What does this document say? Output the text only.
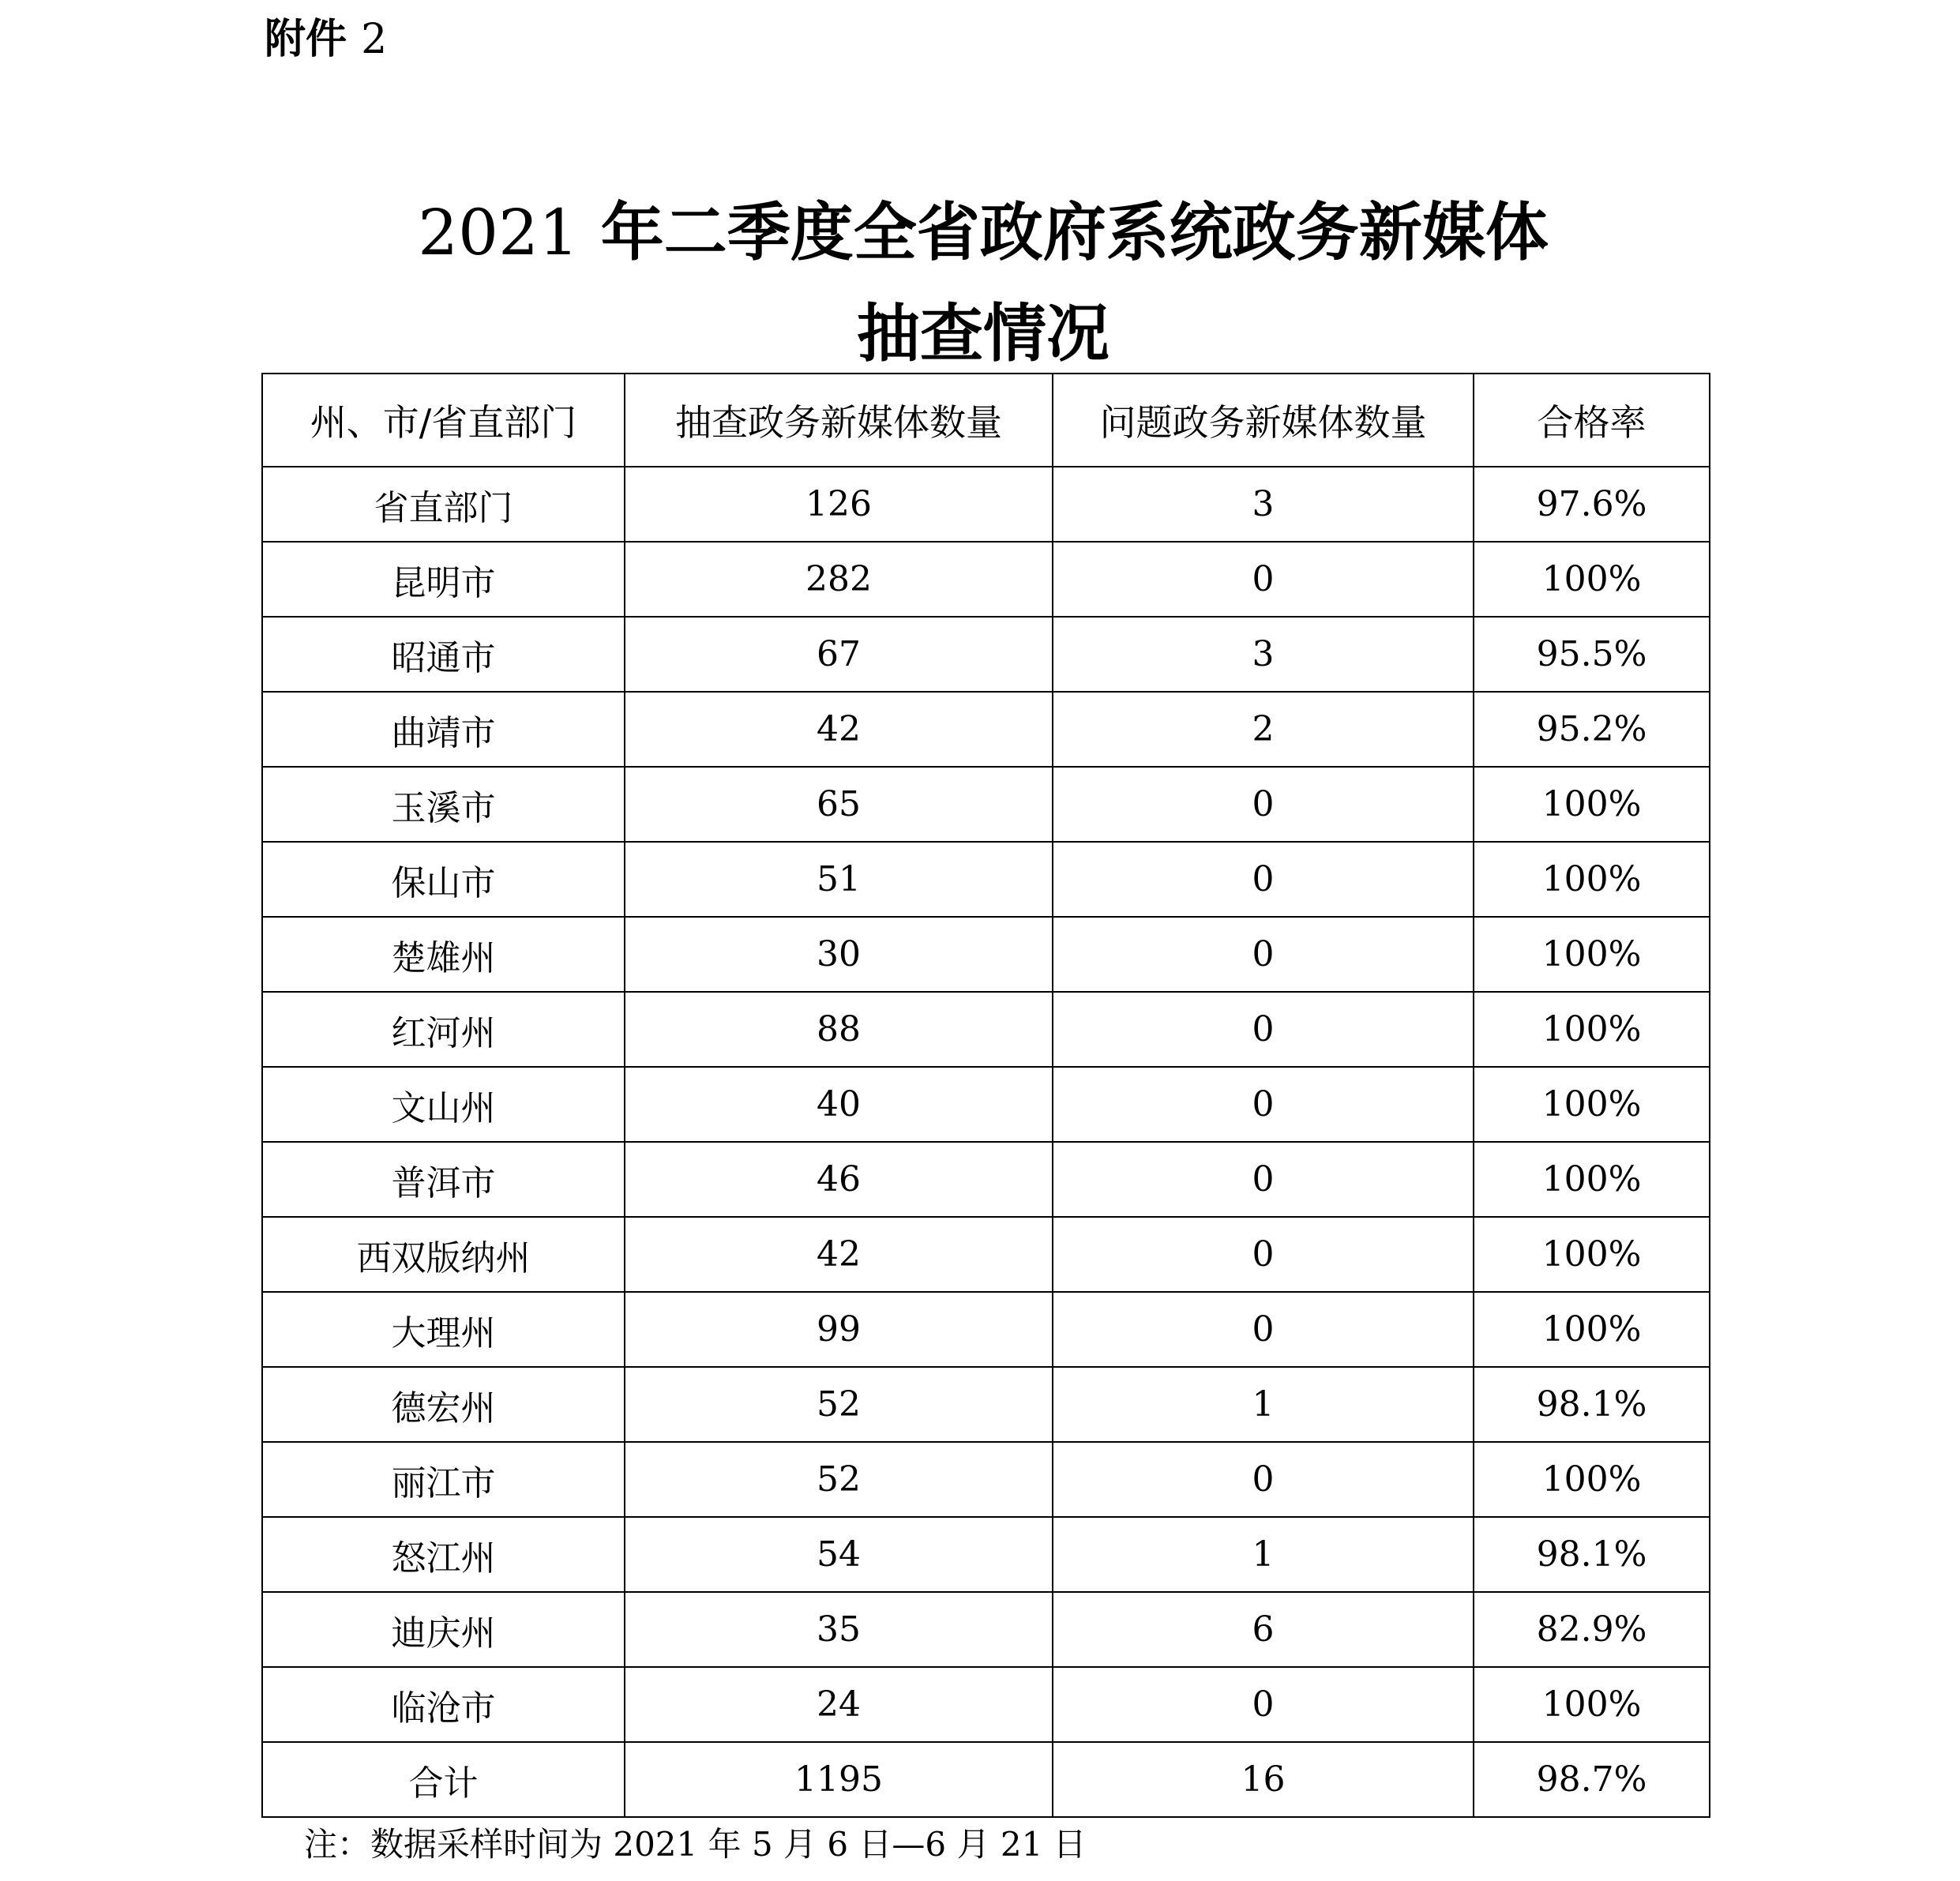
附件 2
2021 年二季度全省政府系统政务新媒体
抽查情况
州、市/省直部门	抽查政务新媒体数量	问题政务新媒体数量	合格率
省直部门	126	3	97.6%
昆明市	282	0	100%
昭通市	67	3	95.5%
曲靖市	42	2	95.2%
玉溪市	65	0	100%
保山市	51	0	100%
楚雄州	30	0	100%
红河州	88	0	100%
文山州	40	0	100%
普洱市	46	0	100%
西双版纳州	42	0	100%
大理州	99	0	100%
德宏州	52	1	98.1%
丽江市	52	0	100%
怒江州	54	1	98.1%
迪庆州	35	6	82.9%
临沧市	24	0	100%
合计	1195	16	98.7%
注：数据采样时间为 2021 年 5 月 6 日—6 月 21 日
